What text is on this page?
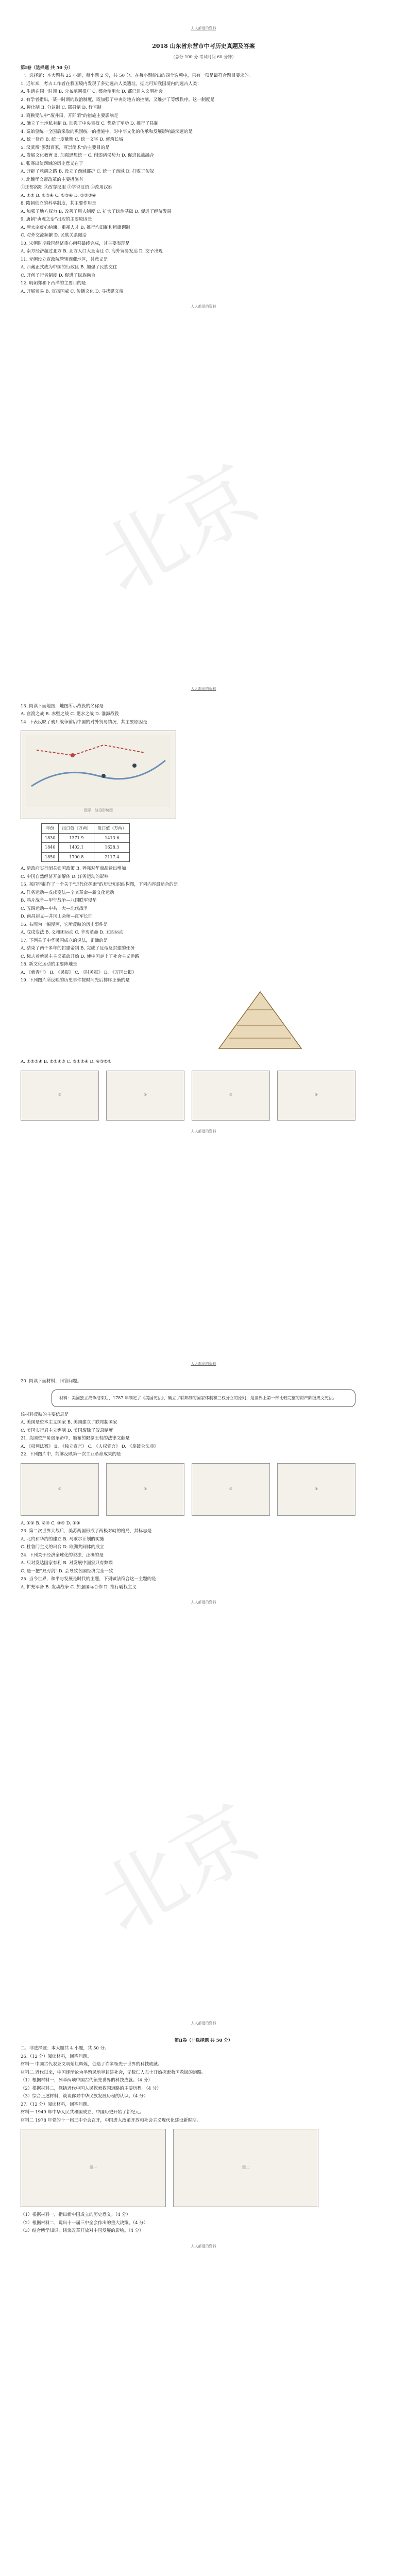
北京
北京
人人都爱的资料
2018 山东省东营市中考历史真题及答案
（总分 100 分 考试时间 60 分钟）

第Ⅰ卷（选择题 共 50 分）

一、选择题：本大题共 25 小题，每小题 2 分，共 50 分。在每小题给出的四个选项中，只有一项是最符合题目要求的。

1. 近年来，考古工作者在我国境内发现了多处远古人类遗址。据此可知我国境内的远古人类：

A. 生活在同一时期 B. 分布范围很广 C. 都会使用火 D. 都已进入文明社会

2. 有学者指出，某一时期的政治制度，既加强了中央对地方的控制，又维护了等级秩序。这一制度是

A. 禅让制 B. 分封制 C. 郡县制 D. 行省制

3. 商鞅变法中“废井田，开阡陌”的措施主要影响是

A. 确立了土地私有制 B. 加强了中央集权 C. 奖励了军功 D. 推行了县制

4. 秦始皇统一全国后采取的巩固统一的措施中，对中华文化的传承和发展影响最深远的是

A. 统一货币 B. 统一度量衡 C. 统一文字 D. 修筑长城

5. 汉武帝“罢黜百家，尊崇儒术”的主要目的是

A. 发展文化教育 B. 加强思想统一 C. 削弱诸侯势力 D. 促进民族融合

6. 张骞出使西域的历史意义在于

A. 开辟了丝绸之路 B. 设立了西域都护 C. 统一了西域 D. 打败了匈奴

7. 北魏孝文帝改革的主要措施有

①迁都洛阳 ②改穿汉服 ③学说汉语 ④改用汉姓

A. ①② B. ②③④ C. ①③④ D. ①②③④

8. 隋朝创立的科举制度，其主要作用是

A. 加强了地方权力 B. 改善了用人制度 C. 扩大了统治基础 D. 促进了经济发展

9. 唐朝“贞观之治”出现的主要原因是

A. 唐太宗虚心纳谏、重视人才 B. 推行均田制和租庸调制

C. 对外交流频繁 D. 民族关系融洽

10. 宋朝时期我国经济重心南移最终完成，其主要表现是

A. 南方经济超过北方 B. 北方人口大量南迁 C. 海外贸易发达 D. 交子出现

11. 元朝设立宣政院管辖西藏地区，其意义是

A. 西藏正式成为中国的行政区 B. 加强了民族交往

C. 开创了行省制度 D. 促进了民族融合

12. 明朝郑和下西洋的主要目的是

A. 开展贸易 B. 宣扬国威 C. 传播文化 D. 寻找建文帝

人人都爱的资料
人人都爱的资料

13. 阅读下面地图，地图所示战役的名称是

A. 官渡之战 B. 赤壁之战 C. 淝水之战 D. 淮海战役

14. 下表反映了鸦片战争前后中国的对外贸易情况，其主要原因是

图示：战役形势图
年份	出口值（万两）	进口值（万两）
1830	1371.9	1413.6
1840	1402.1	1628.3
1850	1700.8	2117.4

A. 清政府实行闭关锁国政策 B. 列强对华商品输出增加

C. 中国自然经济开始解体 D. 洋务运动的影响

15. 某同学制作了一个关于“近代化探索”的历史知识结构图，下列内容最适合的是

A. 洋务运动—戊戌变法—辛亥革命—新文化运动

B. 鸦片战争—甲午战争—八国联军侵华

C. 五四运动—中共一大—北伐战争

D. 南昌起义—井冈山会师—红军长征

16. 右图为一幅漫画，它所反映的历史事件是

A. 戊戌变法 B. 义和团运动 C. 辛亥革命 D. 五四运动

17. 下列关于中华民国成立的说法，正确的是

A. 结束了两千多年的封建帝制 B. 完成了反帝反封建的任务

C. 标志着新民主主义革命开始 D. 使中国走上了社会主义道路

18. 新文化运动的主要阵地是

A. 《新青年》 B. 《民报》 C. 《时务报》 D. 《万国公报》

19. 下列图片所反映的历史事件按时间先后排序正确的是

A. ①②③④ B. ②①④③ C. ③①②④ D. ④③②①

①	②	③	④
人人都爱的资料
人人都爱的资料

20. 阅读下面材料，回答问题。

材料：美国独立战争结束后，1787 年制定了《美国宪法》，确立了联邦制的国家体制和三权分立的原则，是世界上第一部比较完整的资产阶级成文宪法。

该材料反映的主要信息是

A. 美国是资本主义国家 B. 美国建立了联邦制国家

C. 美国实行君主立宪制 D. 美国废除了奴隶制度

21. 英国资产阶级革命中，颁布的限制王权的法律文献是

A. 《权利法案》 B. 《独立宣言》 C. 《人权宣言》 D. 《拿破仑法典》

22. 下列图片中，能够反映第一次工业革命成果的是

①	②	③	④

A. ①② B. ②③ C. ③④ D. ①④

23. 第二次世界大战后，美苏两国形成了两极对峙的格局，其标志是

A. 北约和华约的建立 B. 马歇尔计划的实施

C. 杜鲁门主义的出台 D. 欧洲共同体的成立

24. 下列关于经济全球化的说法，正确的是

A. 只对发达国家有利 B. 对发展中国家只有弊端

C. 是一把“双刃剑” D. 会导致各国经济完全一致

25. 当今世界，和平与发展是时代的主题，下列做法符合这一主题的是

A. 扩充军备 B. 发动战争 C. 加强国际合作 D. 推行霸权主义

人人都爱的资料
人人都爱的资料

第Ⅱ卷（非选择题 共 50 分）

二、非选择题：本大题共 4 小题，共 50 分。

26.（12 分）阅读材料，回答问题。

材料一 中国古代农业文明灿烂辉煌，创造了许多领先于世界的科技成就。

材料二 近代以来，中国逐渐沦为半殖民地半封建社会，无数仁人志士开始探索救国救民的道路。

（1）根据材料一，列举两项中国古代领先世界的科技成就。（4 分）

（2）根据材料二，概括近代中国人民探索救国道路的主要历程。（4 分）

（3）综合上述材料，谈谈你对中华民族发展历程的认识。（4 分）

27.（12 分）阅读材料，回答问题。

材料一 1949 年中华人民共和国成立，中国历史开始了新纪元。

材料二 1978 年党的十一届三中全会召开，中国进入改革开放和社会主义现代化建设新时期。

图一	图二

（1）根据材料一，指出新中国成立的历史意义。（4 分）

（2）根据材料二，说出十一届三中全会作出的重大决策。（4 分）

（3）结合所学知识，谈谈改革开放对中国发展的影响。（4 分）

人人都爱的资料
